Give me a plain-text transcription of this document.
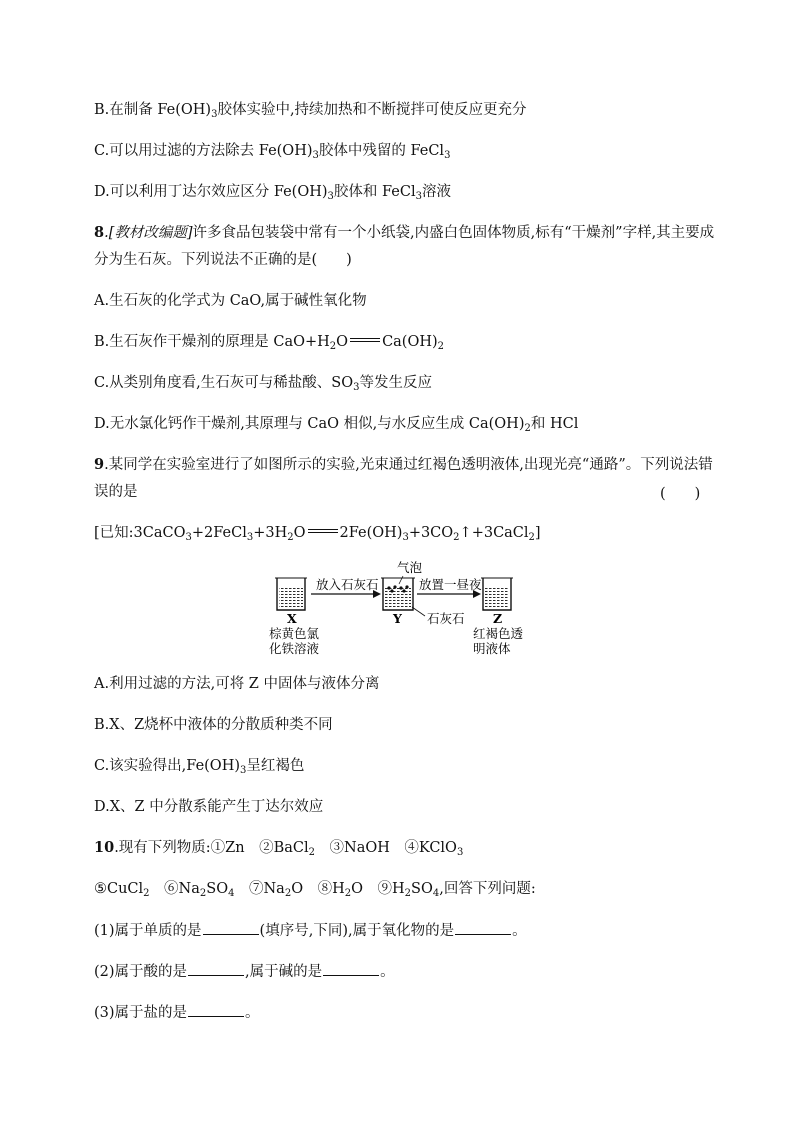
B.在制备 $Fe(OH)_3$胶体实验中,持续加热和不断搅拌可使反应更充分
C.可以用过滤的方法除去 $Fe(OH)_3$胶体中残留的 FeCl$_3$
D.可以利用丁达尔效应区分 $Fe(OH)_3$胶体和 FeCl$_3$溶液
8.[教材改编题]许多食品包装袋中常有一个小纸袋,内盛白色固体物质,标有“干燥剂”字样,其主要成
分为生石灰。下列说法不正确的是(　　)
A.生石灰的化学式为 CaO,属于碱性氧化物
B.生石灰作干燥剂的原理是 $CaO+H_2O$ $Ca(OH)_2$
C.从类别角度看,生石灰可与稀盐酸、$SO_3$等发生反应
D.无水氯化钙作干燥剂,其原理与 CaO 相似,与水反应生成 $Ca(OH)_2$和 HCl
9.某同学在实验室进行了如图所示的实验,光束通过红褐色透明液体,出现光亮“通路”。下列说法错
误的是	(　　)
[已知$:3CaCO_3+2FeCl_3+3H_2O$ $2Fe(OH)_3+3CO_2↑+3CaCl_2$]
放入石灰石
气泡
放置一昼夜
X	Y 石灰石 Z
棕黄色氯
化铁溶液
红褐色透
明液体
A.利用过滤的方法,可将 Z 中固体与液体分离
B.X、Z烧杯中液体的分散质种类不同
C.该实验得出$,Fe(OH)_3$呈红褐色
D.X、Z 中分散系能产生丁达尔效应
10.现有下列物质:①Zn　②BaCl$_2$　③NaOH　④KClO$_3$
⑤CuCl$_2$　$⑥Na_2SO_4$　$⑦Na_2O$　$⑧H_2O$　$⑨H_2SO_4$,回答下列问题:
(1)属于单质的是	(填序号,下同),属于氧化物的是	。
(2)属于酸的是	,属于碱的是	。
(3)属于盐的是	。
